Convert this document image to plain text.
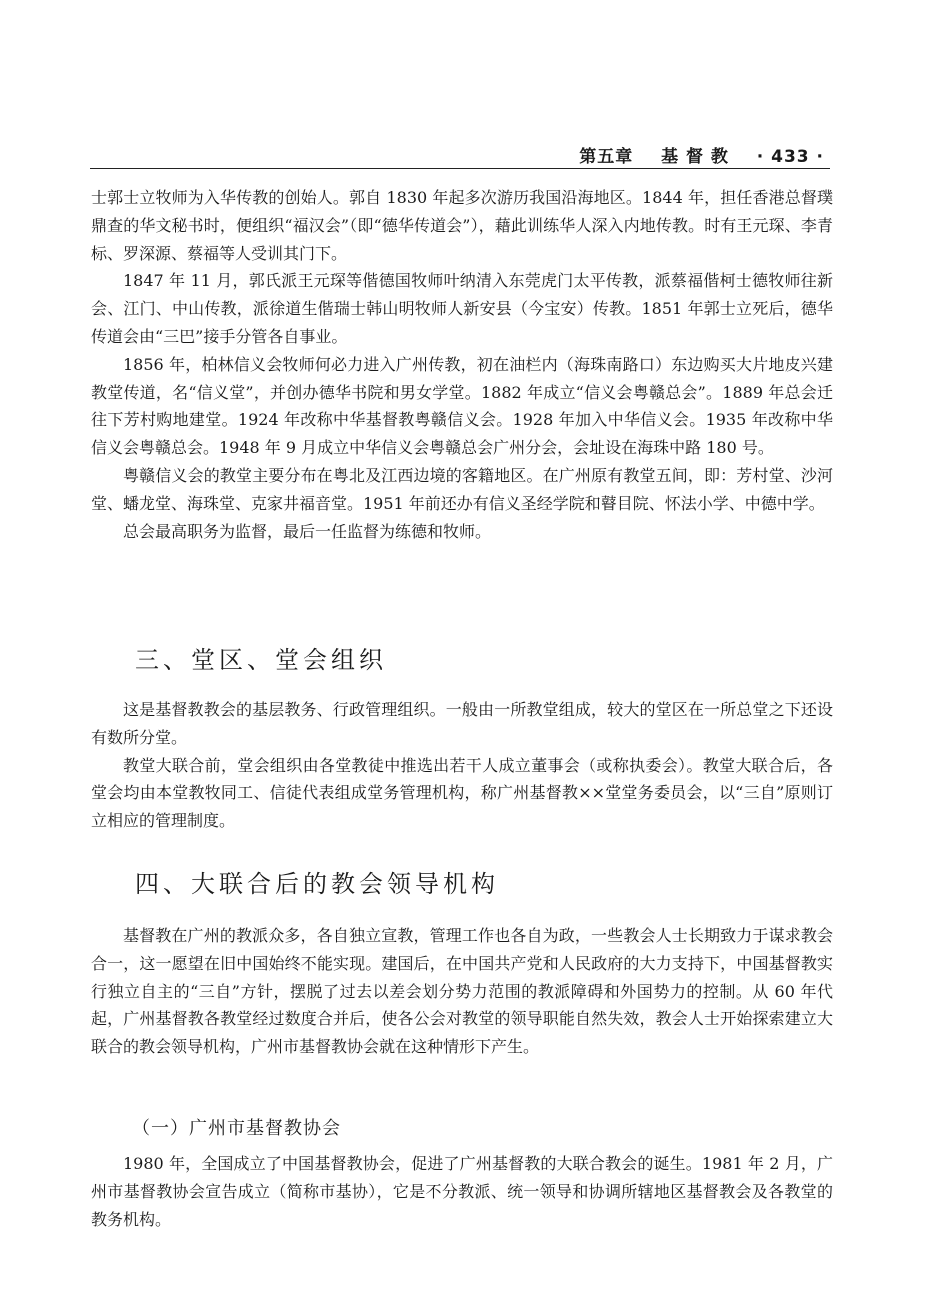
第五章 基 督 教 · 433 ·

士郭士立牧师为入华传教的创始人。郭自 1830 年起多次游历我国沿海地区。1844 年，担任香港总督璞鼎查的华文秘书时，便组织“福汉会”（即“德华传道会”），藉此训练华人深入内地传教。时有王元琛、李青标、罗深源、蔡福等人受训其门下。

1847 年 11 月，郭氏派王元琛等偕德国牧师叶纳清入东莞虎门太平传教，派蔡福偕柯士德牧师往新会、江门、中山传教，派徐道生偕瑞士韩山明牧师人新安县（今宝安）传教。1851 年郭士立死后，德华传道会由“三巴”接手分管各自事业。

1856 年，柏林信义会牧师何必力进入广州传教，初在油栏内（海珠南路口）东边购买大片地皮兴建教堂传道，名“信义堂”，并创办德华书院和男女学堂。1882 年成立“信义会粤赣总会”。1889 年总会迁往下芳村购地建堂。1924 年改称中华基督教粤赣信义会。1928 年加入中华信义会。1935 年改称中华信义会粤赣总会。1948 年 9 月成立中华信义会粤赣总会广州分会，会址设在海珠中路 180 号。

粤赣信义会的教堂主要分布在粤北及江西边境的客籍地区。在广州原有教堂五间，即：芳村堂、沙河堂、蟠龙堂、海珠堂、克家井福音堂。1951 年前还办有信义圣经学院和瞽目院、怀法小学、中德中学。

总会最高职务为监督，最后一任监督为练德和牧师。

三、堂区、堂会组织

这是基督教教会的基层教务、行政管理组织。一般由一所教堂组成，较大的堂区在一所总堂之下还设有数所分堂。

教堂大联合前，堂会组织由各堂教徒中推选出若干人成立董事会（或称执委会）。教堂大联合后，各堂会均由本堂教牧同工、信徒代表组成堂务管理机构，称广州基督教××堂堂务委员会，以“三自”原则订立相应的管理制度。

四、大联合后的教会领导机构

基督教在广州的教派众多，各自独立宣教，管理工作也各自为政，一些教会人士长期致力于谋求教会合一，这一愿望在旧中国始终不能实现。建国后，在中国共产党和人民政府的大力支持下，中国基督教实行独立自主的“三自”方针，摆脱了过去以差会划分势力范围的教派障碍和外国势力的控制。从 60 年代起，广州基督教各教堂经过数度合并后，使各公会对教堂的领导职能自然失效，教会人士开始探索建立大联合的教会领导机构，广州市基督教协会就在这种情形下产生。

（一）广州市基督教协会

1980 年，全国成立了中国基督教协会，促进了广州基督教的大联合教会的诞生。1981 年 2 月，广州市基督教协会宣告成立（简称市基协），它是不分教派、统一领导和协调所辖地区基督教会及各教堂的教务机构。
